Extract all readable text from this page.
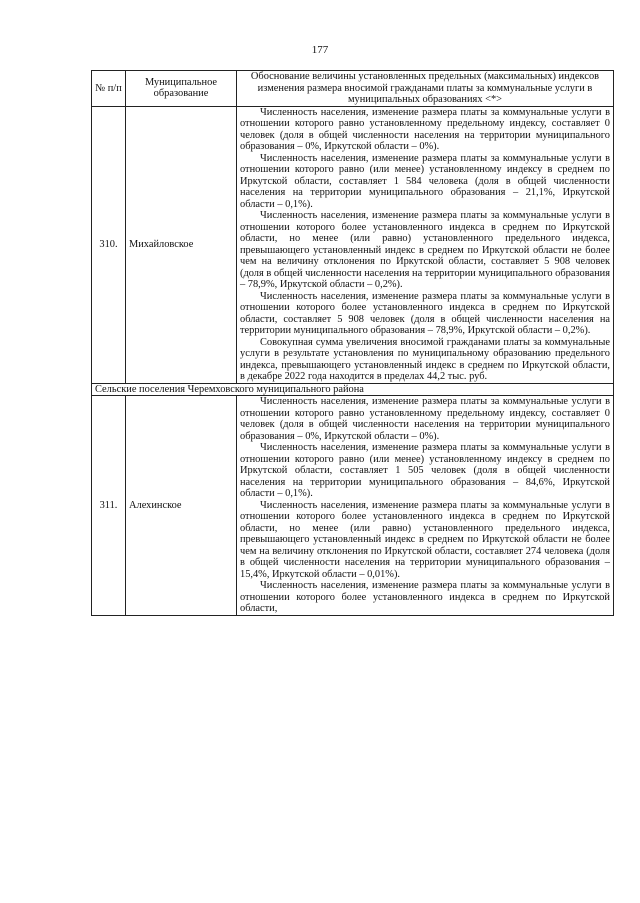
177
№ п/п	Муниципальное образование	Обоснование величины установленных предельных (максимальных) индексов изменения размера вносимой гражданами платы за коммунальные услуги в муниципальных образованиях <*>
310.	Михайловское	Численность населения, изменение размера платы за коммунальные услуги в отношении которого равно установленному предельному индексу, составляет 0 человек (доля в общей численности населения на территории муниципального образования – 0%, Иркутской области – 0%).

Численность населения, изменение размера платы за коммунальные услуги в отношении которого равно (или менее) установленному индексу в среднем по Иркутской области, составляет 1 584 человека (доля в общей численности населения на территории муниципального образования – 21,1%, Иркутской области – 0,1%).

Численность населения, изменение размера платы за коммунальные услуги в отношении которого более установленного индекса в среднем по Иркутской области, но менее (или равно) установленного предельного индекса, превышающего установленный индекс в среднем по Иркутской области не более чем на величину отклонения по Иркутской области, составляет 5 908 человек (доля в общей численности населения на территории муниципального образования – 78,9%, Иркутской области – 0,2%).

Численность населения, изменение размера платы за коммунальные услуги в отношении которого более установленного индекса в среднем по Иркутской области, составляет 5 908 человек (доля в общей численности населения на территории муниципального образования – 78,9%, Иркутской области – 0,2%).

Совокупная сумма увеличения вносимой гражданами платы за коммунальные услуги в результате установления по муниципальному образованию предельного индекса, превышающего установленный индекс в среднем по Иркутской области, в декабре 2022 года находится в пределах 44,2 тыс. руб.

Сельские поселения Черемховского муниципального района		
311.	Алехинское	Численность населения, изменение размера платы за коммунальные услуги в отношении которого равно установленному предельному индексу, составляет 0 человек (доля в общей численности населения на территории муниципального образования – 0%, Иркутской области – 0%).

Численность населения, изменение размера платы за коммунальные услуги в отношении которого равно (или менее) установленному индексу в среднем по Иркутской области, составляет 1 505 человек (доля в общей численности населения на территории муниципального образования – 84,6%, Иркутской области – 0,1%).

Численность населения, изменение размера платы за коммунальные услуги в отношении которого более установленного индекса в среднем по Иркутской области, но менее (или равно) установленного предельного индекса, превышающего установленный индекс в среднем по Иркутской области не более чем на величину отклонения по Иркутской области, составляет 274 человека (доля в общей численности населения на территории муниципального образования – 15,4%, Иркутской области – 0,01%).

Численность населения, изменение размера платы за коммунальные услуги в отношении которого более установленного индекса в среднем по Иркутской области,
